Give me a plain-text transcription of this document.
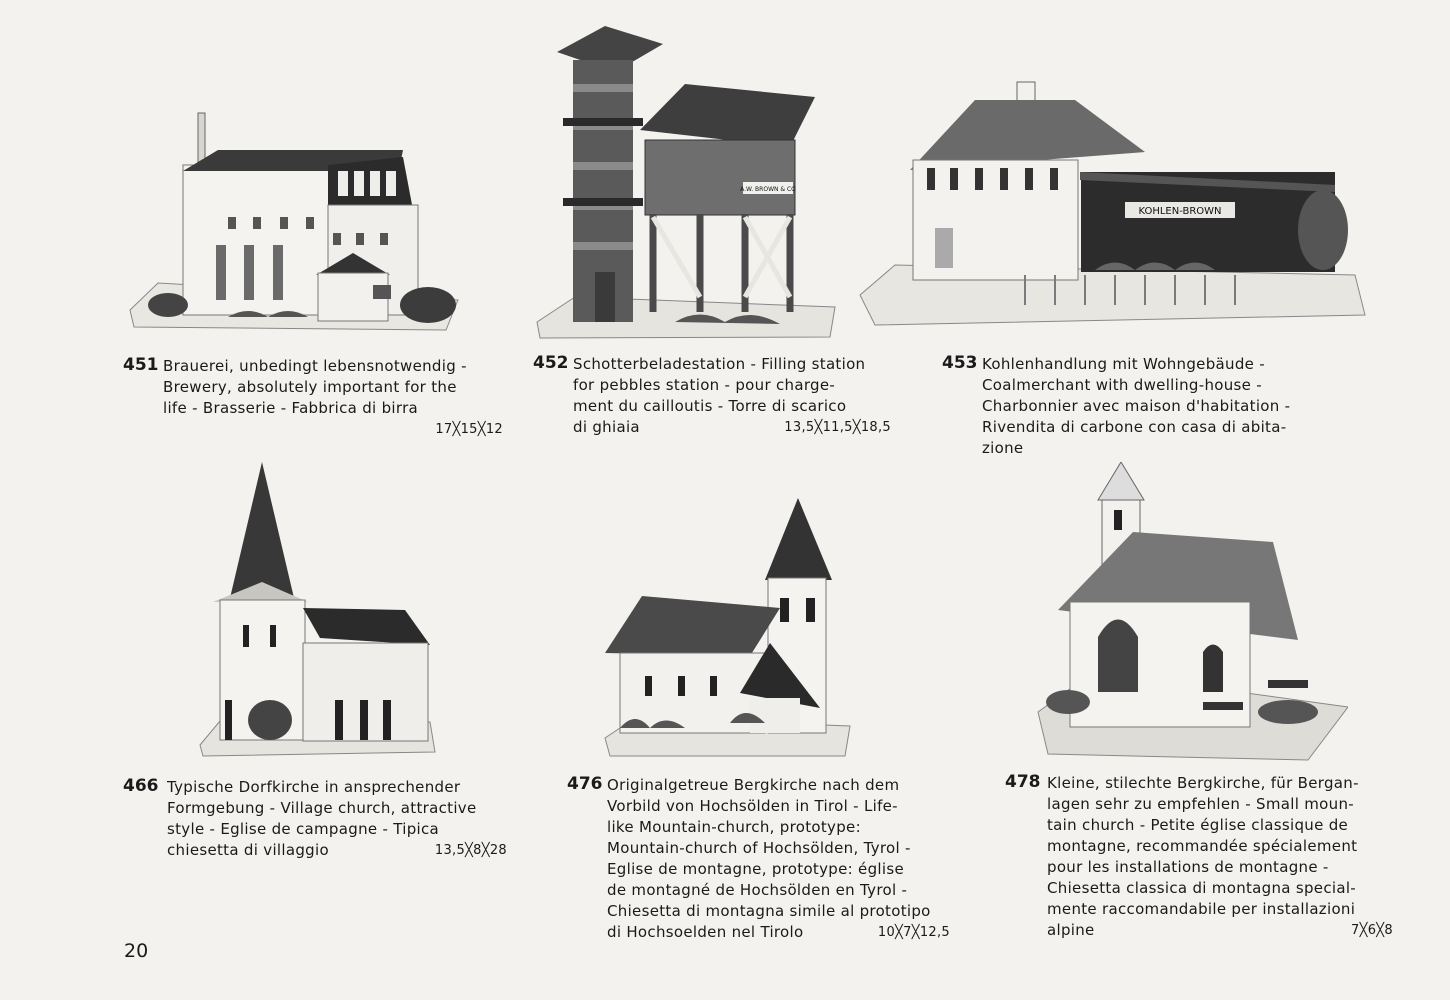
A.W. BROWN & CO
KOHLEN-BROWN
451 Brauerei, unbedingt lebensnotwendig -
Brewery, absolutely important for the
life - Brasserie - Fabbrica di birra
17╳15╳12
452 Schotterbeladestation - Filling station
for pebbles station - pour charge-
ment du cailloutis - Torre di scarico
di ghiaia	13,5╳11,5╳18,5
453 Kohlenhandlung mit Wohngebäude -
Coalmerchant with dwelling-house -
Charbonnier avec maison d'habitation -
Rivendita di carbone con casa di abita-
zione
466 Typische Dorfkirche in ansprechender
Formgebung - Village church, attractive
style - Eglise de campagne - Tipica
chiesetta di villaggio	13,5╳8╳28
476 Originalgetreue Bergkirche nach dem
Vorbild von Hochsölden in Tirol - Life-
like Mountain-church, prototype:
Mountain-church of Hochsölden, Tyrol -
Eglise de montagne, prototype: église
de montagné de Hochsölden en Tyrol -
Chiesetta di montagna simile al prototipo
di Hochsoelden nel Tirolo	10╳7╳12,5
478 Kleine, stilechte Bergkirche, für Bergan-
lagen sehr zu empfehlen - Small moun-
tain church - Petite église classique de
montagne, recommandée spécialement
pour les installations de montagne -
Chiesetta classica di montagna special-
mente raccomandabile per installazioni
alpine	7╳6╳8
20
